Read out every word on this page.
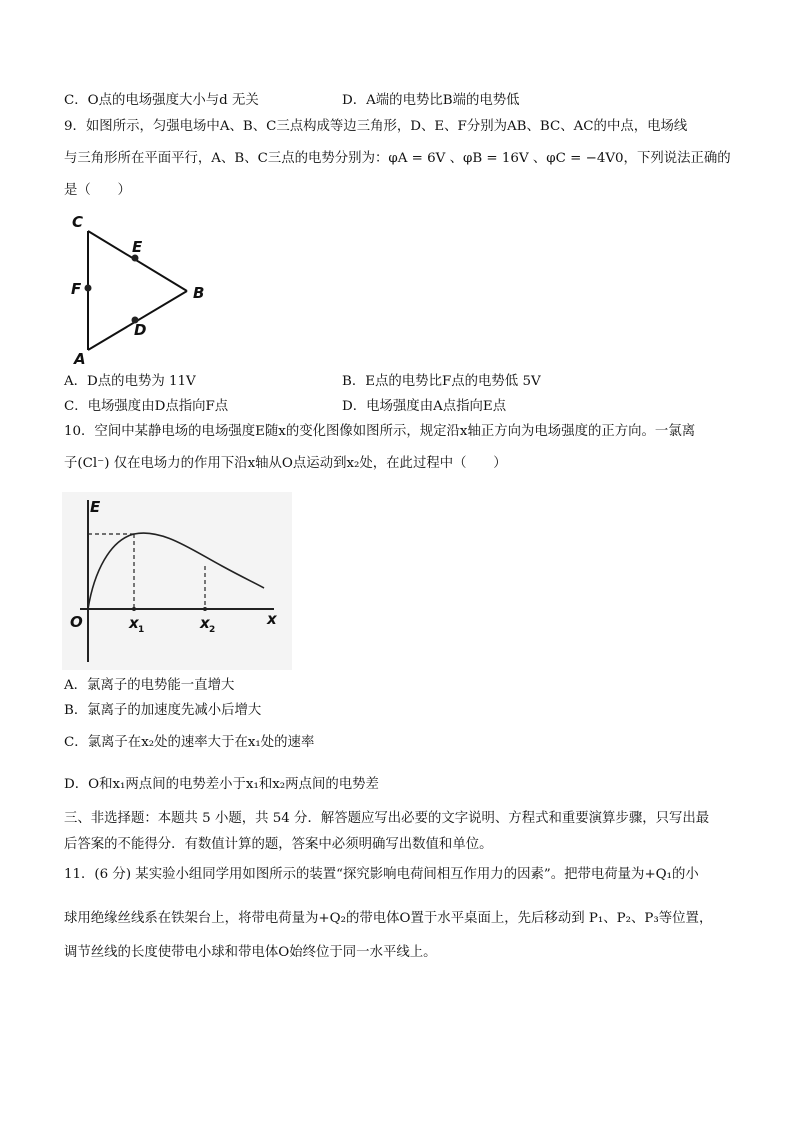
C．O点的电场强度大小与d 无关	D．A端的电势比B端的电势低
9．如图所示，匀强电场中A、B、C三点构成等边三角形，D、E、F分别为AB、BC、AC的中点，电场线
与三角形所在平面平行，A、B、C三点的电势分别为：φA = 6V 、φB = 16V 、φC = −4V0，下列说法正确的
是（　　）
C
E
F	B
D
A
A．D点的电势为 11V	B．E点的电势比F点的电势低 5V
C．电场强度由D点指向F点	D．电场强度由A点指向E点
10．空间中某静电场的电场强度E随x的变化图像如图所示，规定沿x轴正方向为电场强度的正方向。一氯离
子(Cl⁻) 仅在电场力的作用下沿x轴从O点运动到x₂处，在此过程中（　　）
E
O	x 1	x 2
x
A．氯离子的电势能一直增大
B．氯离子的加速度先减小后增大
C．氯离子在x₂处的速率大于在x₁处的速率
D．O和x₁两点间的电势差小于x₁和x₂两点间的电势差
三、非选择题：本题共 5 小题，共 54 分．解答题应写出必要的文字说明、方程式和重要演算步骤，只写出最
后答案的不能得分．有数值计算的题，答案中必须明确写出数值和单位。
11．(6 分) 某实验小组同学用如图所示的装置“探究影响电荷间相互作用力的因素”。把带电荷量为+Q₁的小
球用绝缘丝线系在铁架台上，将带电荷量为+Q₂的带电体O置于水平桌面上，先后移动到 P₁、P₂、P₃等位置，
调节丝线的长度使带电小球和带电体O始终位于同一水平线上。
